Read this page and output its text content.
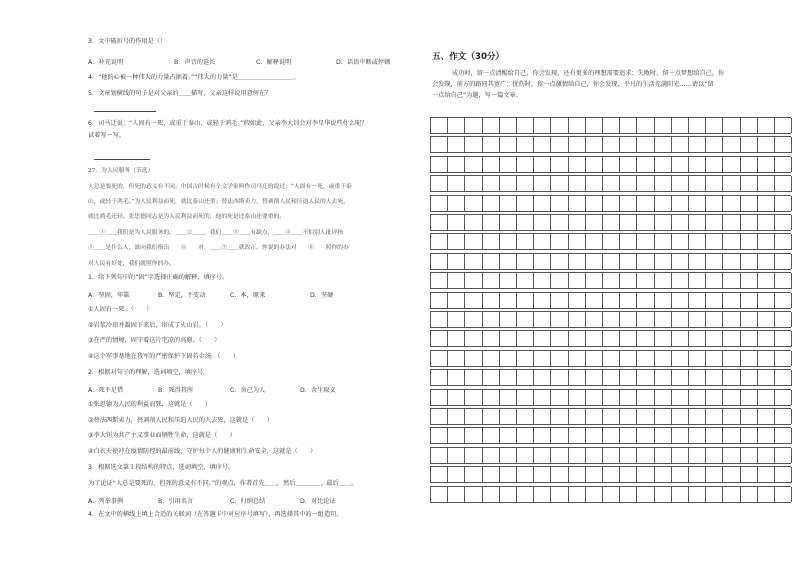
3．文中破折号的作用是（）
A．补充说明	B．声音的延长	C．解释说明	D．话语中断或停顿
4．“他的心被一种伟大的力量占据着。”“伟大的力量”是＿＿＿＿＿＿＿＿＿。
5．文章划横线的句子是对父亲的＿＿描写，父亲这样说用意何在？
6．司马迁说：“人固有一死，或重于泰山，或轻于鸿毛。”假如此，父亲李大钊会对李星华说些什么呢？
试着写一写。
27．为人民服务（节选）
人总是要死的，但死的意义有不同。中国古时候有个文学家叫作司马迁的说过：“人固有一死，或重于泰
山，或轻于鸿毛。”为人民利益而死，就比泰山还重；替法西斯卖力，替剥削人民和压迫人民的人去死，
就比鸿毛还轻。张思德同志是为人民利益而死的，他的死是比泰山还要重的。
＿＿①＿＿我们是为人民服务的，＿＿②＿＿，我们＿＿③＿＿有缺点，＿＿④＿＿不怕别人批评指
⑤＿＿是什么人，谁向我们指出　　⑥　　对，＿＿⑦＿＿就改正。你说的办法对　　⑧　　照你的办
对人民有好处，我们就照你的办。
1．给下列句中的“固”字选择正确的解释，填序号。
A．坚固，牢靠	B．坚定，不变动	C．本，原来	D．坚硬
①人固有一死。（　　）
②岩浆冷却并凝固下来后，形成了火山岩。（　　）
③在严的情境，固守着这片宅凉的高原。（　　）
④这个军事基地在我军的严密保护下固若金汤。（　　）
2．根据对句子的理解，选词填空，填序号。
A．死不足惜	B．死得其所	C．舍己为人	D．舍生取义
①张思德为人民的利益而死，这就是（　　）
②替法西斯卖力，替剥削人民和压迫人民的人去死，这就是（　　）
③李大钊为共产主义事业而牺牲生命，这就是（　　）
④白衣天使冲在疫情防控的最前线，守护每个人的健康和生命安全，这就是（　　）
3．根据选文第１段结构的特点，选词填空，填序号。
为了论证“人总是要死的，但死的意义有不同。”的观点，作者首先＿＿，然后＿＿＿＿，最后＿＿。
A．列举事例	B．引用名言	C．归纳总结	D．对比论证
4．在文中的横线上填上合适的关联词（在答题卡中对应序号填写），再选择其中的一组造句。
五、作文（30分）
成功时，留一点清醒给自己，你会发现，还有更多的理想需要追求；失败时，留一点梦想给自己，你
会发现，前方的路同其宽广；忧伤时，留一点激情给自己，你会发现，平凡的生活充满阳光……请以“留
一点给自己”为题，写一篇文章。
